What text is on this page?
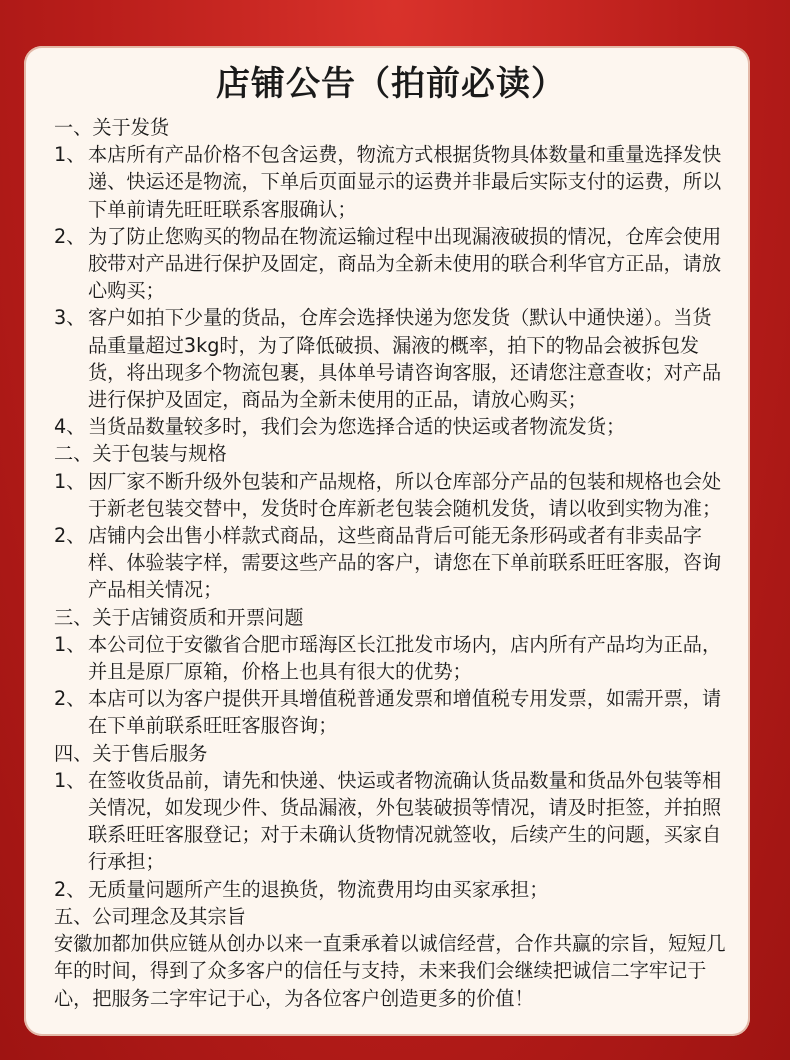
店铺公告（拍前必读）
一、关于发货
1、 本店所有产品价格不包含运费，物流方式根据货物具体数量和重量选择发快递、快运还是物流，下单后页面显示的运费并非最后实际支付的运费，所以下单前请先旺旺联系客服确认；
2、 为了防止您购买的物品在物流运输过程中出现漏液破损的情况，仓库会使用胶带对产品进行保护及固定，商品为全新未使用的联合利华官方正品，请放心购买；
3、 客户如拍下少量的货品，仓库会选择快递为您发货（默认中通快递）。当货品重量超过3kg时，为了降低破损、漏液的概率，拍下的物品会被拆包发货，将出现多个物流包裹，具体单号请咨询客服，还请您注意查收；对产品进行保护及固定，商品为全新未使用的正品，请放心购买；
4、 当货品数量较多时，我们会为您选择合适的快运或者物流发货；
二、关于包装与规格
1、 因厂家不断升级外包装和产品规格，所以仓库部分产品的包装和规格也会处于新老包装交替中，发货时仓库新老包装会随机发货，请以收到实物为准；
2、 店铺内会出售小样款式商品，这些商品背后可能无条形码或者有非卖品字样、体验装字样，需要这些产品的客户，请您在下单前联系旺旺客服，咨询产品相关情况；
三、关于店铺资质和开票问题
1、 本公司位于安徽省合肥市瑶海区长江批发市场内，店内所有产品均为正品，并且是原厂原箱，价格上也具有很大的优势；
2、 本店可以为客户提供开具增值税普通发票和增值税专用发票，如需开票，请在下单前联系旺旺客服咨询；
四、关于售后服务
1、 在签收货品前，请先和快递、快运或者物流确认货品数量和货品外包装等相关情况，如发现少件、货品漏液，外包装破损等情况，请及时拒签，并拍照联系旺旺客服登记；对于未确认货物情况就签收，后续产生的问题，买家自行承担；
2、 无质量问题所产生的退换货，物流费用均由买家承担；
五、公司理念及其宗旨

安徽加都加供应链从创办以来一直秉承着以诚信经营，合作共赢的宗旨，短短几年的时间，得到了众多客户的信任与支持，未来我们会继续把诚信二字牢记于心，把服务二字牢记于心，为各位客户创造更多的价值！
